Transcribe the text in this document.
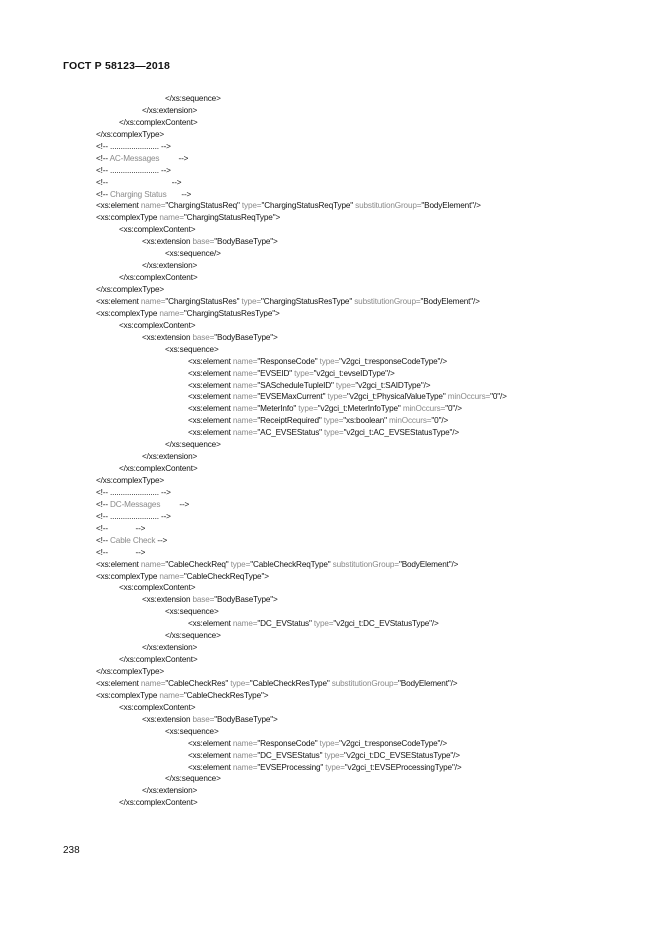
ГОСТ Р 58123—2018
</xs:sequence>
</xs:extension>
</xs:complexContent>
</xs:complexType>
<!-- ....................... -->
<!-- AC-Messages         -->
<!-- ....................... -->
<!--                              -->
<!-- Charging Status       -->
<xs:element name="ChargingStatusReq" type="ChargingStatusReqType" substitutionGroup="BodyElement"/>
<xs:complexType name="ChargingStatusReqType">
<xs:complexContent>
<xs:extension base="BodyBaseType">
<xs:sequence/>
</xs:extension>
</xs:complexContent>
</xs:complexType>
<xs:element name="ChargingStatusRes" type="ChargingStatusResType" substitutionGroup="BodyElement"/>
<xs:complexType name="ChargingStatusResType">
<xs:complexContent>
<xs:extension base="BodyBaseType">
<xs:sequence>
<xs:element name="ResponseCode" type="v2gci_t:responseCodeType"/>
<xs:element name="EVSEID" type="v2gci_t:evseIDType"/>
<xs:element name="SAScheduleTupleID" type="v2gci_t:SAIDType"/>
<xs:element name="EVSEMaxCurrent" type="v2gci_t:PhysicalValueType" minOccurs="0"/>
<xs:element name="MeterInfo" type="v2gci_t:MeterInfoType" minOccurs="0"/>
<xs:element name="ReceiptRequired" type="xs:boolean" minOccurs="0"/>
<xs:element name="AC_EVSEStatus" type="v2gci_t:AC_EVSEStatusType"/>
</xs:sequence>
</xs:extension>
</xs:complexContent>
</xs:complexType>
<!-- ....................... -->
<!-- DC-Messages         -->
<!-- ....................... -->
<!--             -->
<!-- Cable Check -->
<!--             -->
<xs:element name="CableCheckReq" type="CableCheckReqType" substitutionGroup="BodyElement"/>
<xs:complexType name="CableCheckReqType">
<xs:complexContent>
<xs:extension base="BodyBaseType">
<xs:sequence>
<xs:element name="DC_EVStatus" type="v2gci_t:DC_EVStatusType"/>
</xs:sequence>
</xs:extension>
</xs:complexContent>
</xs:complexType>
<xs:element name="CableCheckRes" type="CableCheckResType" substitutionGroup="BodyElement"/>
<xs:complexType name="CableCheckResType">
<xs:complexContent>
<xs:extension base="BodyBaseType">
<xs:sequence>
<xs:element name="ResponseCode" type="v2gci_t:responseCodeType"/>
<xs:element name="DC_EVSEStatus" type="v2gci_t:DC_EVSEStatusType"/>
<xs:element name="EVSEProcessing" type="v2gci_t:EVSEProcessingType"/>
</xs:sequence>
</xs:extension>
</xs:complexContent>
238
